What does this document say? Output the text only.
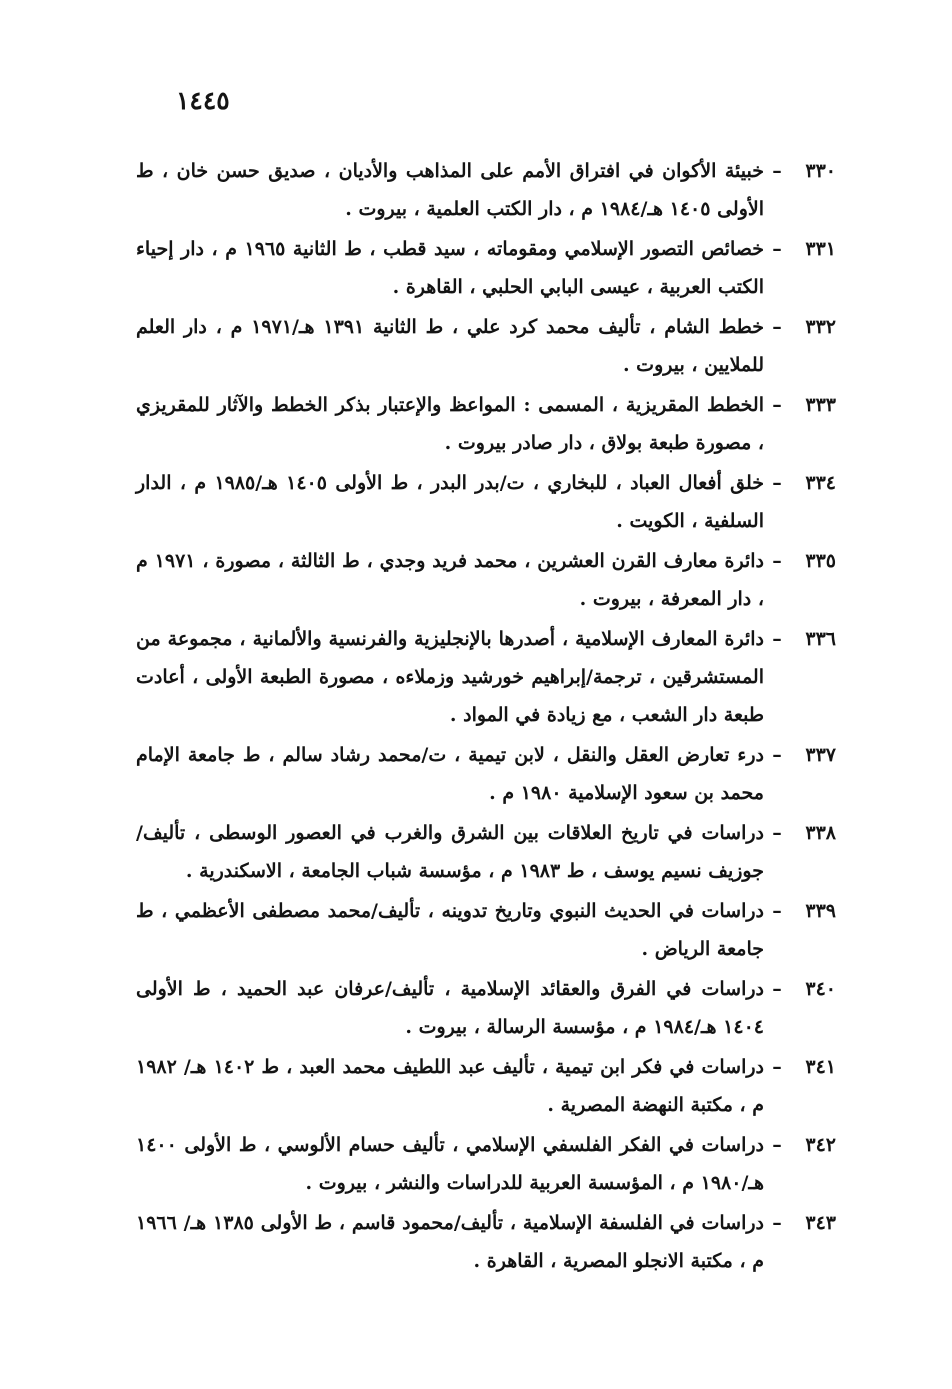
١٤٤٥
٣٣٠
–
خبيئة الأكوان في افتراق الأمم على المذاهب والأديان ، صديق حسن خان ، ط الأولى ١٤٠٥ هـ/١٩٨٤ م ، دار الكتب العلمية ، بيروت .
٣٣١
–
خصائص التصور الإسلامي ومقوماته ، سيد قطب ، ط الثانية ١٩٦٥ م ، دار إحياء الكتب العربية ، عيسى البابي الحلبي ، القاهرة .
٣٣٢
–
خطط الشام ، تأليف محمد كرد علي ، ط الثانية ١٣٩١ هـ/١٩٧١ م ، دار العلم للملايين ، بيروت .
٣٣٣
–
الخطط المقريزية ، المسمى : المواعظ والإعتبار بذكر الخطط والآثار للمقريزي ، مصورة طبعة بولاق ، دار صادر بيروت .
٣٣٤
–
خلق أفعال العباد ، للبخاري ، ت/بدر البدر ، ط الأولى ١٤٠٥ هـ/١٩٨٥ م ، الدار السلفية ، الكويت .
٣٣٥
–
دائرة معارف القرن العشرين ، محمد فريد وجدي ، ط الثالثة ، مصورة ، ١٩٧١ م ، دار المعرفة ، بيروت .
٣٣٦
–
دائرة المعارف الإسلامية ، أصدرها بالإنجليزية والفرنسية والألمانية ، مجموعة من المستشرقين ، ترجمة/إبراهيم خورشيد وزملاءه ، مصورة الطبعة الأولى ، أعادت طبعة دار الشعب ، مع زيادة في المواد .
٣٣٧
–
درء تعارض العقل والنقل ، لابن تيمية ، ت/محمد رشاد سالم ، ط جامعة الإمام محمد بن سعود الإسلامية ١٩٨٠ م .
٣٣٨
–
دراسات في تاريخ العلاقات بين الشرق والغرب في العصور الوسطى ، تأليف/جوزيف نسيم يوسف ، ط ١٩٨٣ م ، مؤسسة شباب الجامعة ، الاسكندرية .
٣٣٩
–
دراسات في الحديث النبوي وتاريخ تدوينه ، تأليف/محمد مصطفى الأعظمي ، ط جامعة الرياض .
٣٤٠
–
دراسات في الفرق والعقائد الإسلامية ، تأليف/عرفان عبد الحميد ، ط الأولى ١٤٠٤ هـ/١٩٨٤ م ، مؤسسة الرسالة ، بيروت .
٣٤١
–
دراسات في فكر ابن تيمية ، تأليف عبد اللطيف محمد العبد ، ط ١٤٠٢ هـ/ ١٩٨٢ م ، مكتبة النهضة المصرية .
٣٤٢
–
دراسات في الفكر الفلسفي الإسلامي ، تأليف حسام الألوسي ، ط الأولى ١٤٠٠ هـ/١٩٨٠ م ، المؤسسة العربية للدراسات والنشر ، بيروت .
٣٤٣
–
دراسات في الفلسفة الإسلامية ، تأليف/محمود قاسم ، ط الأولى ١٣٨٥ هـ/ ١٩٦٦ م ، مكتبة الانجلو المصرية ، القاهرة .
